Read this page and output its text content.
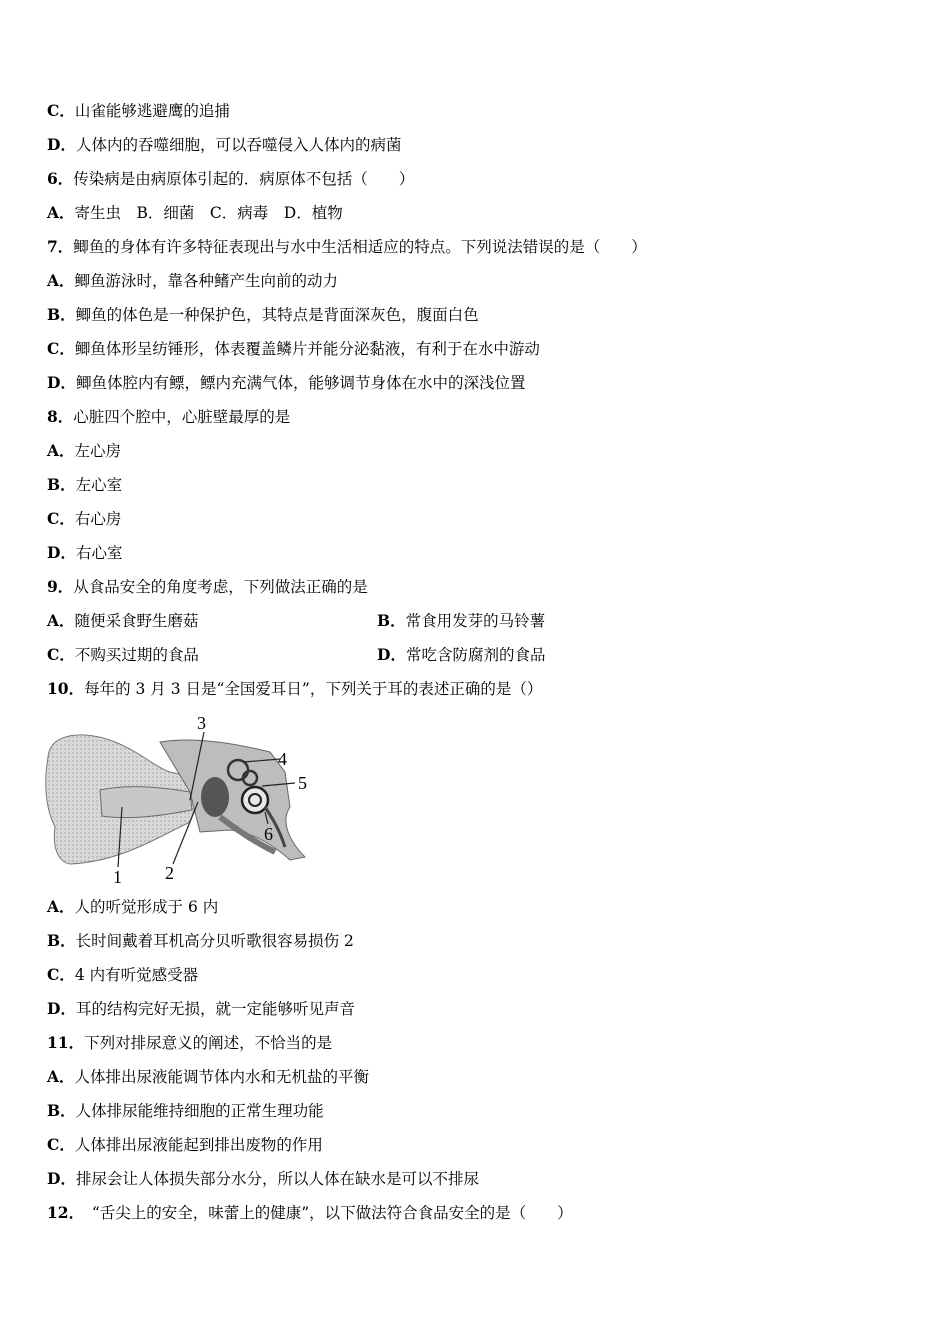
C．山雀能够逃避鹰的追捕
D．人体内的吞噬细胞，可以吞噬侵入人体内的病菌
6．传染病是由病原体引起的．病原体不包括（　　）
A．寄生虫　B．细菌　C．病毒　D．植物
7．鲫鱼的身体有许多特征表现出与水中生活相适应的特点。下列说法错误的是（　　）
A．鲫鱼游泳时，靠各种鳍产生向前的动力
B．鲫鱼的体色是一种保护色，其特点是背面深灰色，腹面白色
C．鲫鱼体形呈纺锤形，体表覆盖鳞片并能分泌黏液，有利于在水中游动
D．鲫鱼体腔内有鳔，鳔内充满气体，能够调节身体在水中的深浅位置
8．心脏四个腔中，心脏壁最厚的是
A．左心房
B．左心室
C．右心房
D．右心室
9．从食品安全的角度考虑，下列做法正确的是
A．随便采食野生磨菇	B．常食用发芽的马铃薯
C．不购买过期的食品	D．常吃含防腐剂的食品
10．每年的 3 月 3 日是“全国爱耳日”，下列关于耳的表述正确的是（）
1 2
3
4
5
6
A．人的听觉形成于 6 内
B．长时间戴着耳机高分贝听歌很容易损伤 2
C．4 内有听觉感受器
D．耳的结构完好无损，就一定能够听见声音
11．下列对排尿意义的阐述，不恰当的是
A．人体排出尿液能调节体内水和无机盐的平衡
B．人体排尿能维持细胞的正常生理功能
C．人体排出尿液能起到排出废物的作用
D．排尿会让人体损失部分水分，所以人体在缺水是可以不排尿
12．　“舌尖上的安全，味蕾上的健康”，以下做法符合食品安全的是（　　）
